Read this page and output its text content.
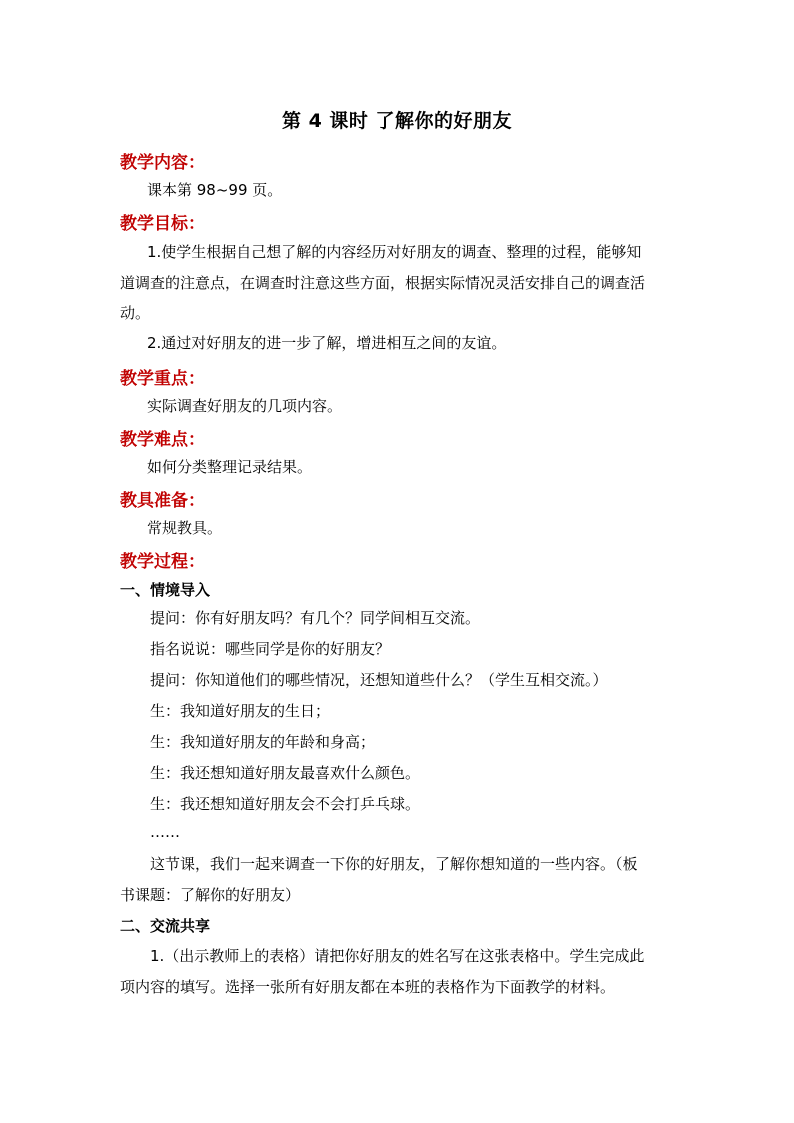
第 4 课时 了解你的好朋友
教学内容：
课本第 98~99 页。
教学目标：
1.使学生根据自己想了解的内容经历对好朋友的调查、整理的过程，能够知
道调查的注意点，在调查时注意这些方面，根据实际情况灵活安排自己的调查活
动。
2.通过对好朋友的进一步了解，增进相互之间的友谊。
教学重点：
实际调查好朋友的几项内容。
教学难点：
如何分类整理记录结果。
教具准备：
常规教具。
教学过程：
一、情境导入
提问：你有好朋友吗？有几个？同学间相互交流。
指名说说：哪些同学是你的好朋友？
提问：你知道他们的哪些情况，还想知道些什么？（学生互相交流。）
生：我知道好朋友的生日；
生：我知道好朋友的年龄和身高；
生：我还想知道好朋友最喜欢什么颜色。
生：我还想知道好朋友会不会打乒乓球。
……
这节课，我们一起来调查一下你的好朋友，了解你想知道的一些内容。（板
书课题：了解你的好朋友）
二、交流共享
1.（出示教师上的表格）请把你好朋友的姓名写在这张表格中。学生完成此
项内容的填写。选择一张所有好朋友都在本班的表格作为下面教学的材料。
